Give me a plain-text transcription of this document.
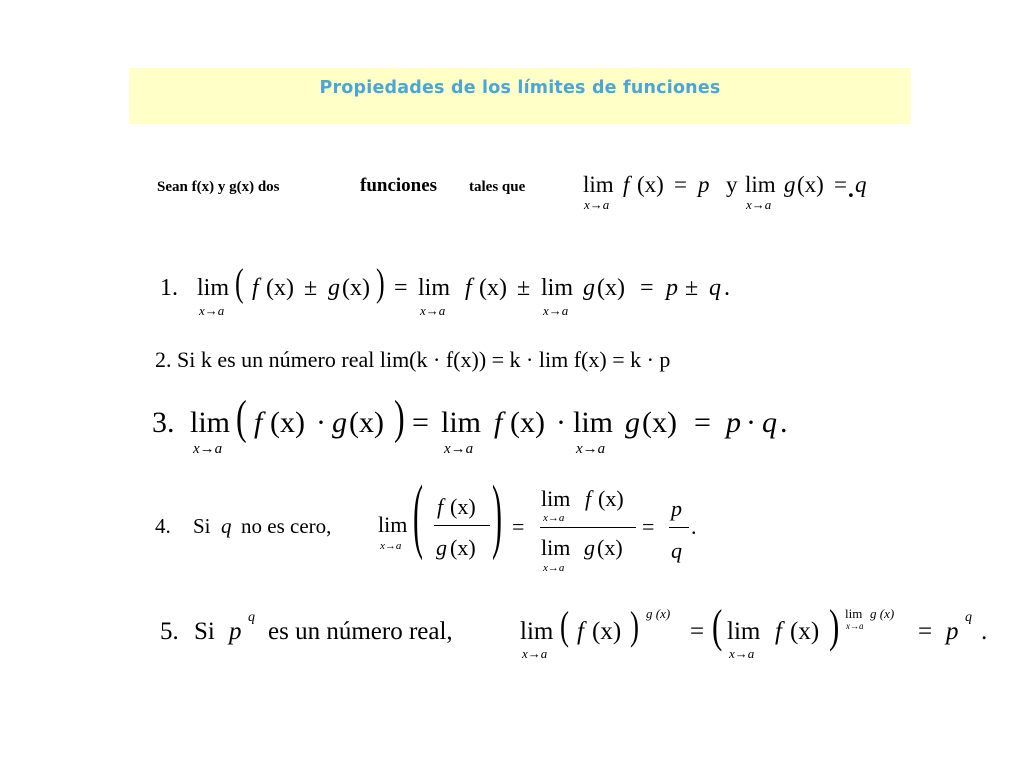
Propiedades de los límites de funciones
Sean f(x) y g(x) dos	funciones tales que	lim
x→a
f (x) = p y lim
x→a
g (x) = . q
1. lim
x→a
( f (x) ± g (x) ) = lim
x→a
f (x) ± lim
x→a
g (x) = p ± q .
2. Si k es un número real lim(k · f(x)) = k · lim f(x) = k · p
3. lim
x→a
( f (x) · g (x) ) = lim
x→a
f (x) · lim
x→a
g (x) = p · q .
4. Si q no es cero, lim
x→a ( f (x)
g (x) ) =
lim
x→a
f (x)
lim
x→a
g (x)
=
p
q
.
5. Si p
q
es un número real,	lim
x→a
( f (x) ) g (x)
= ( lim
x→a
f (x) ) lim
x→a
g (x)
= p
q
.
